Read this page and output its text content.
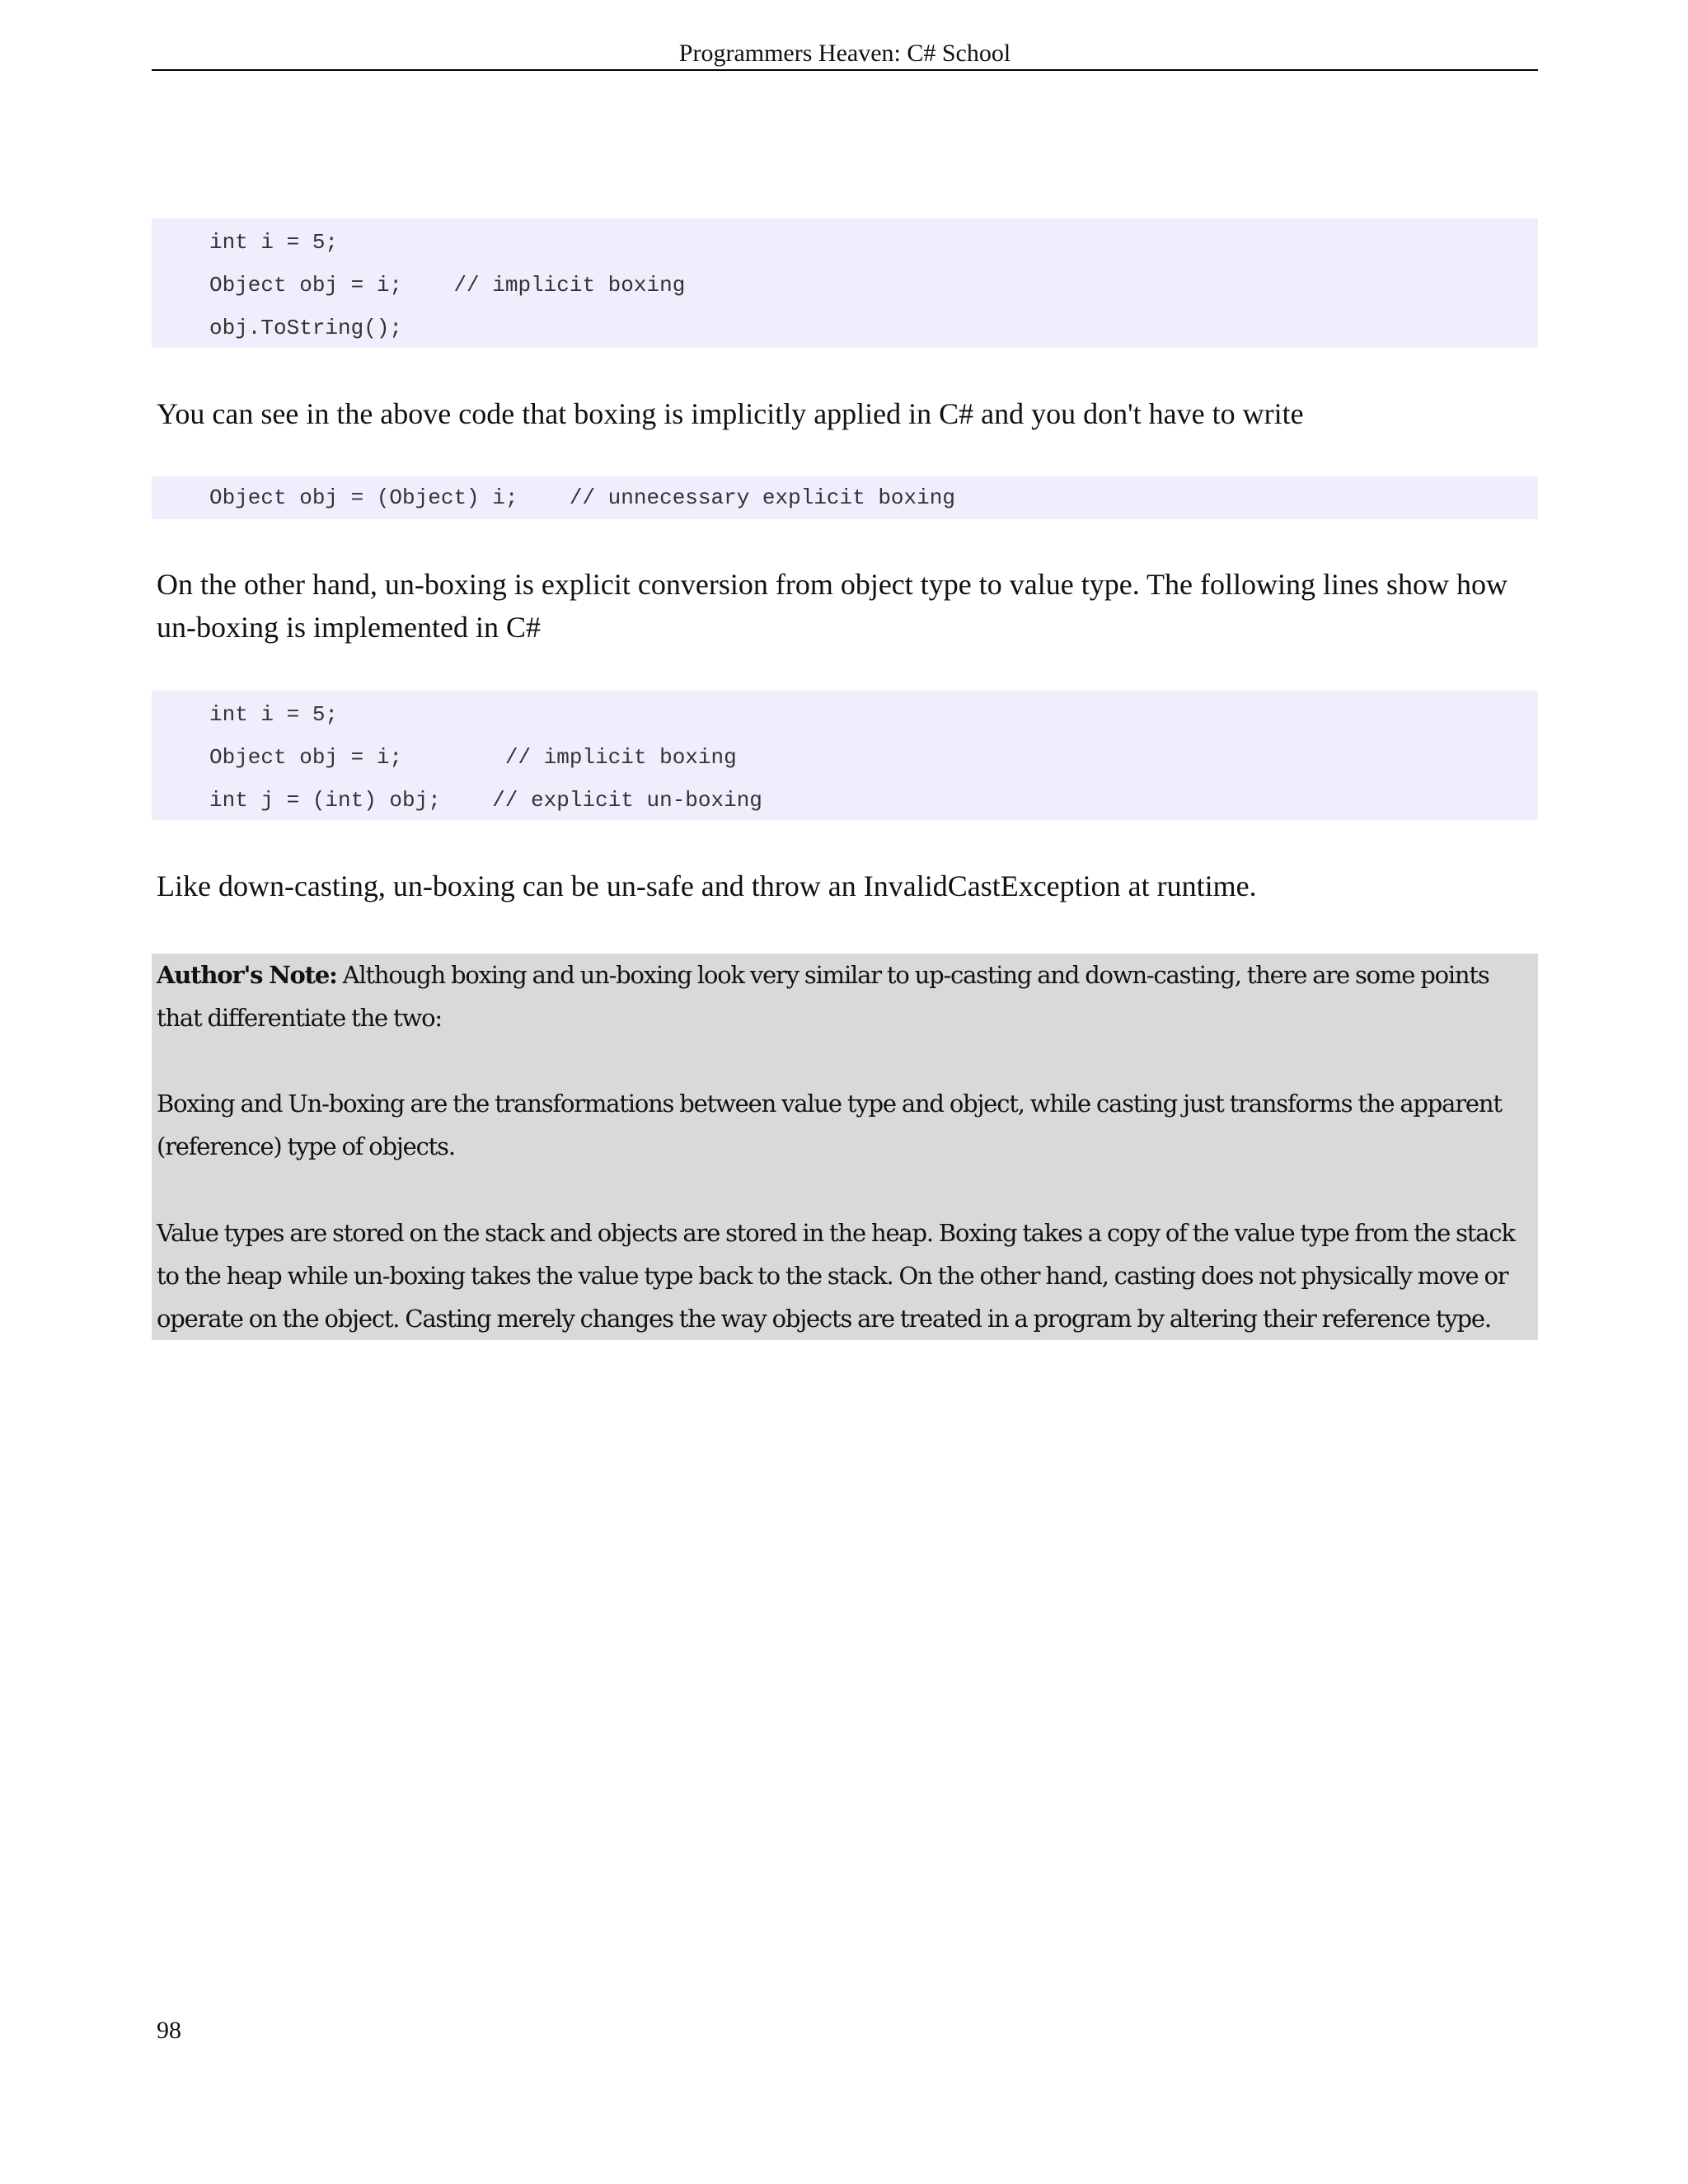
Programmers Heaven: C# School
int i = 5;
Object obj = i;    // implicit boxing
obj.ToString();
You can see in the above code that boxing is implicitly applied in C# and you don't have to write
Object obj = (Object) i;    // unnecessary explicit boxing
On the other hand, un-boxing is explicit conversion from object type to value type. The following lines show how un-boxing is implemented in C#
int i = 5;
Object obj = i;        // implicit boxing
int j = (int) obj;    // explicit un-boxing
Like down-casting, un-boxing can be un-safe and throw an InvalidCastException at runtime.
Author's Note: Although boxing and un-boxing look very similar to up-casting and down-casting, there are some points that differentiate the two:
Boxing and Un-boxing are the transformations between value type and object, while casting just transforms the apparent (reference) type of objects.
Value types are stored on the stack and objects are stored in the heap. Boxing takes a copy of the value type from the stack to the heap while un-boxing takes the value type back to the stack. On the other hand, casting does not physically move or operate on the object. Casting merely changes the way objects are treated in a program by altering their reference type.
98
